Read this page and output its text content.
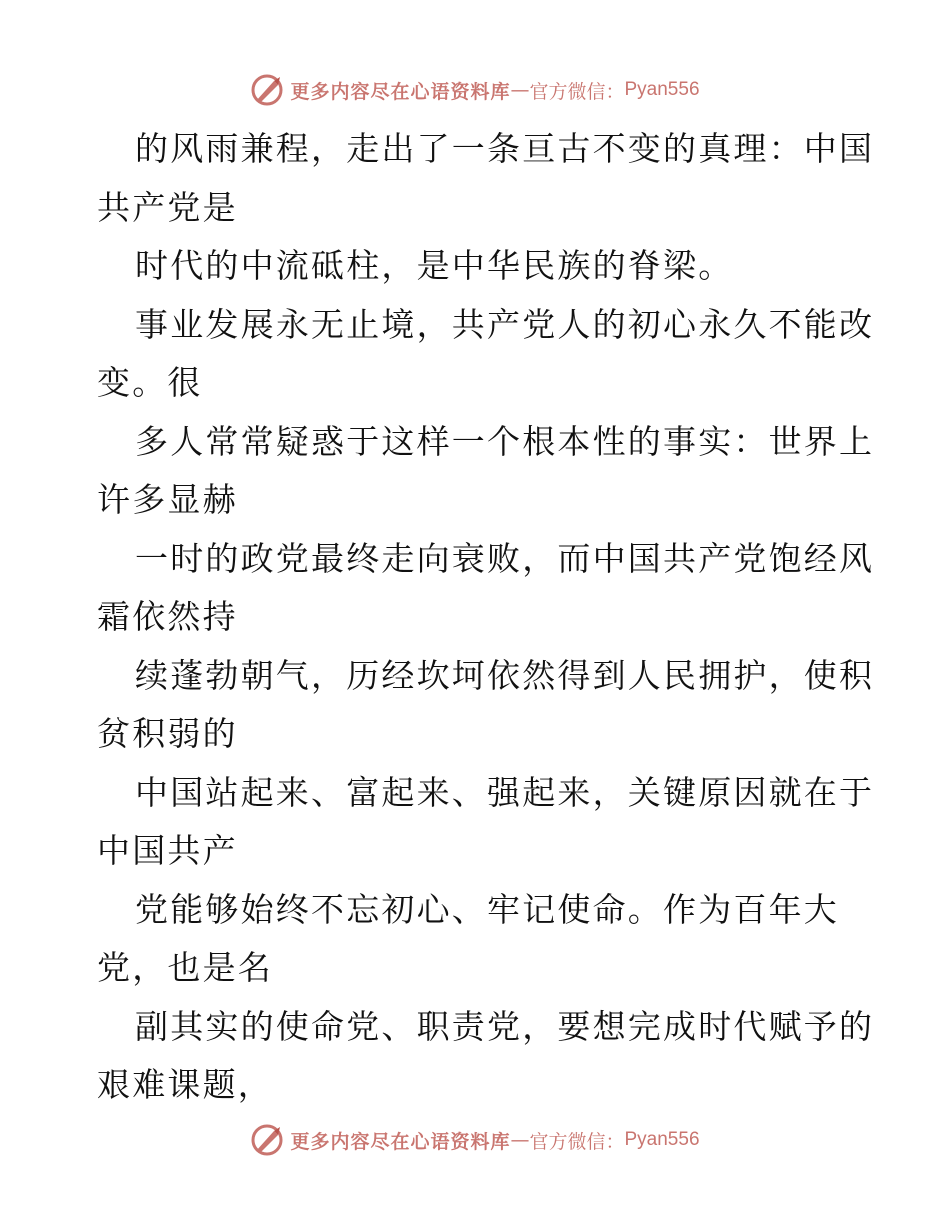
更多内容尽在心语资料库 — 官方微信： Pyan556
的风雨兼程，走出了一条亘古不变的真理：中国
共产党是
时代的中流砥柱，是中华民族的脊梁。
事业发展永无止境，共产党人的初心永久不能改
变。很
多人常常疑惑于这样一个根本性的事实：世界上
许多显赫
一时的政党最终走向衰败，而中国共产党饱经风
霜依然持
续蓬勃朝气，历经坎坷依然得到人民拥护，使积
贫积弱的
中国站起来、富起来、强起来，关键原因就在于
中国共产
党能够始终不忘初心、牢记使命。作为百年大
党，也是名
副其实的使命党、职责党，要想完成时代赋予的
艰难课题，
更多内容尽在心语资料库 — 官方微信： Pyan556
